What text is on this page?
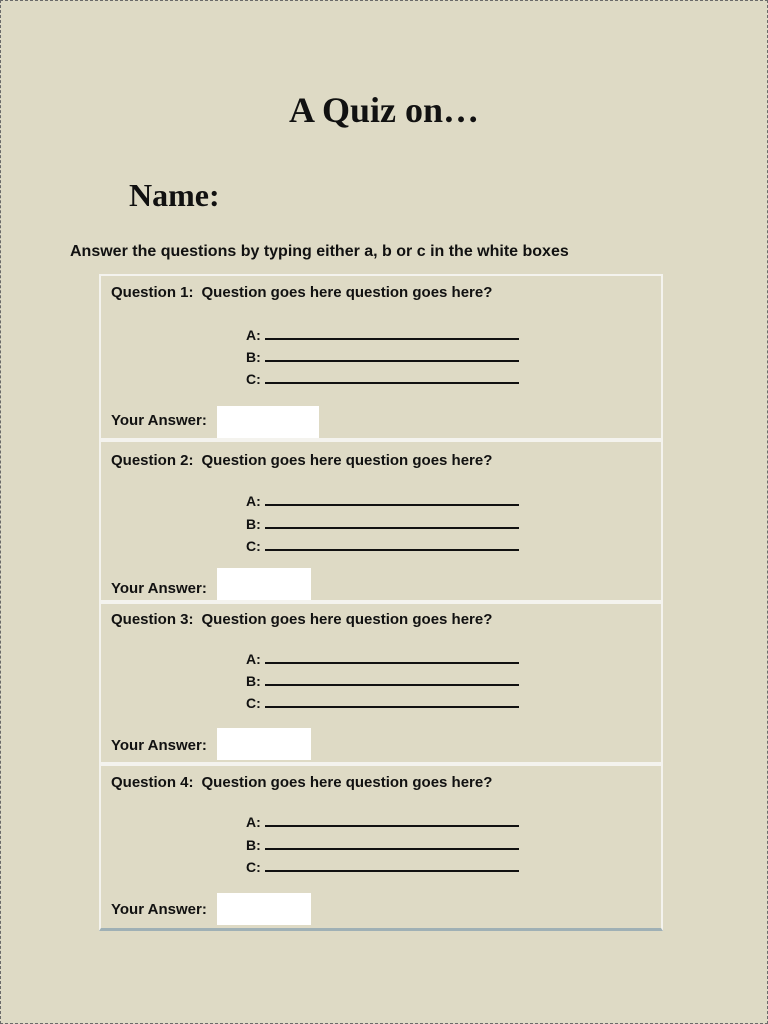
A Quiz on…
Name:
Answer the questions by typing either a, b or c in the white boxes
Question 1: Question goes here question goes here?
A:
B:
C:
Your Answer:
Question 2: Question goes here question goes here?
A:
B:
C:
Your Answer:
Question 3: Question goes here question goes here?
A:
B:
C:
Your Answer:
Question 4: Question goes here question goes here?
A:
B:
C:
Your Answer:
